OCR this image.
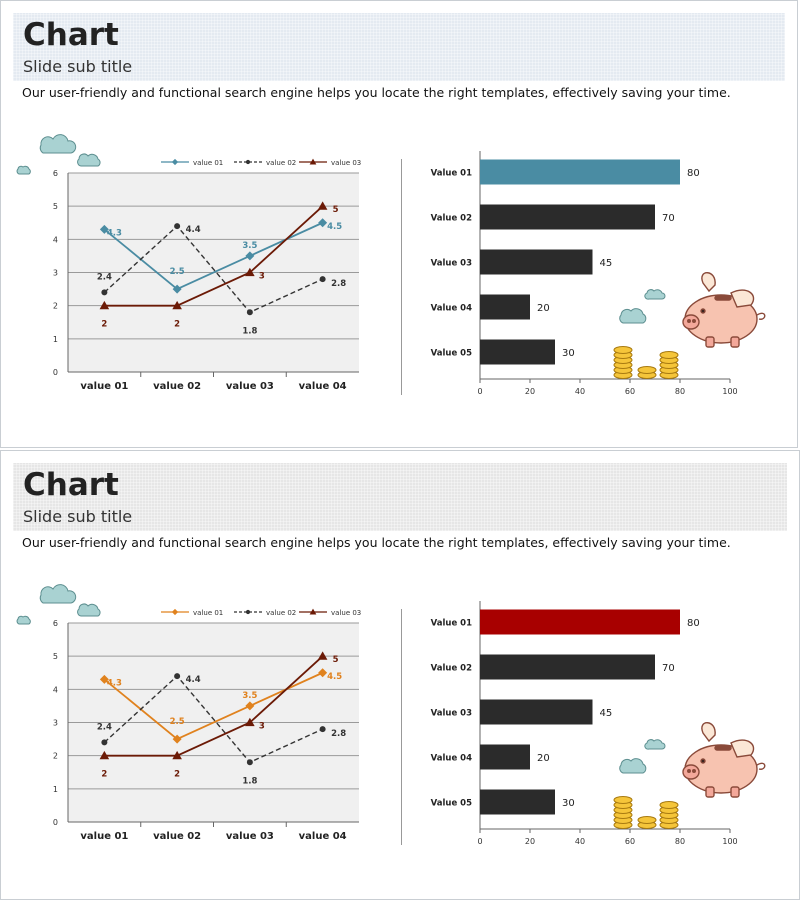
Chart
Slide sub title
Our user-friendly and functional search engine helps you locate the right templates, effectively saving your time.
0
1
2
3
4
5
6
value 01 value 02 value 03 value 04
value 01	value 02	value 03
4.3
2.5
3.5
4.5
2.4
4.4
1.8
2.8
2	2
3
5
0	20	40	60	80	100
Value 01	80
Value 02	70
Value 03	45
Value 04	20
Value 05	30
Chart
Slide sub title
Our user-friendly and functional search engine helps you locate the right templates, effectively saving your time.
0
1
2
3
4
5
6
value 01 value 02 value 03 value 04
value 01	value 02	value 03
4.3
2.5
3.5
4.5
2.4
4.4
1.8
2.8
2	2
3
5
0	20	40	60	80	100
Value 01	80
Value 02	70
Value 03	45
Value 04	20
Value 05	30
